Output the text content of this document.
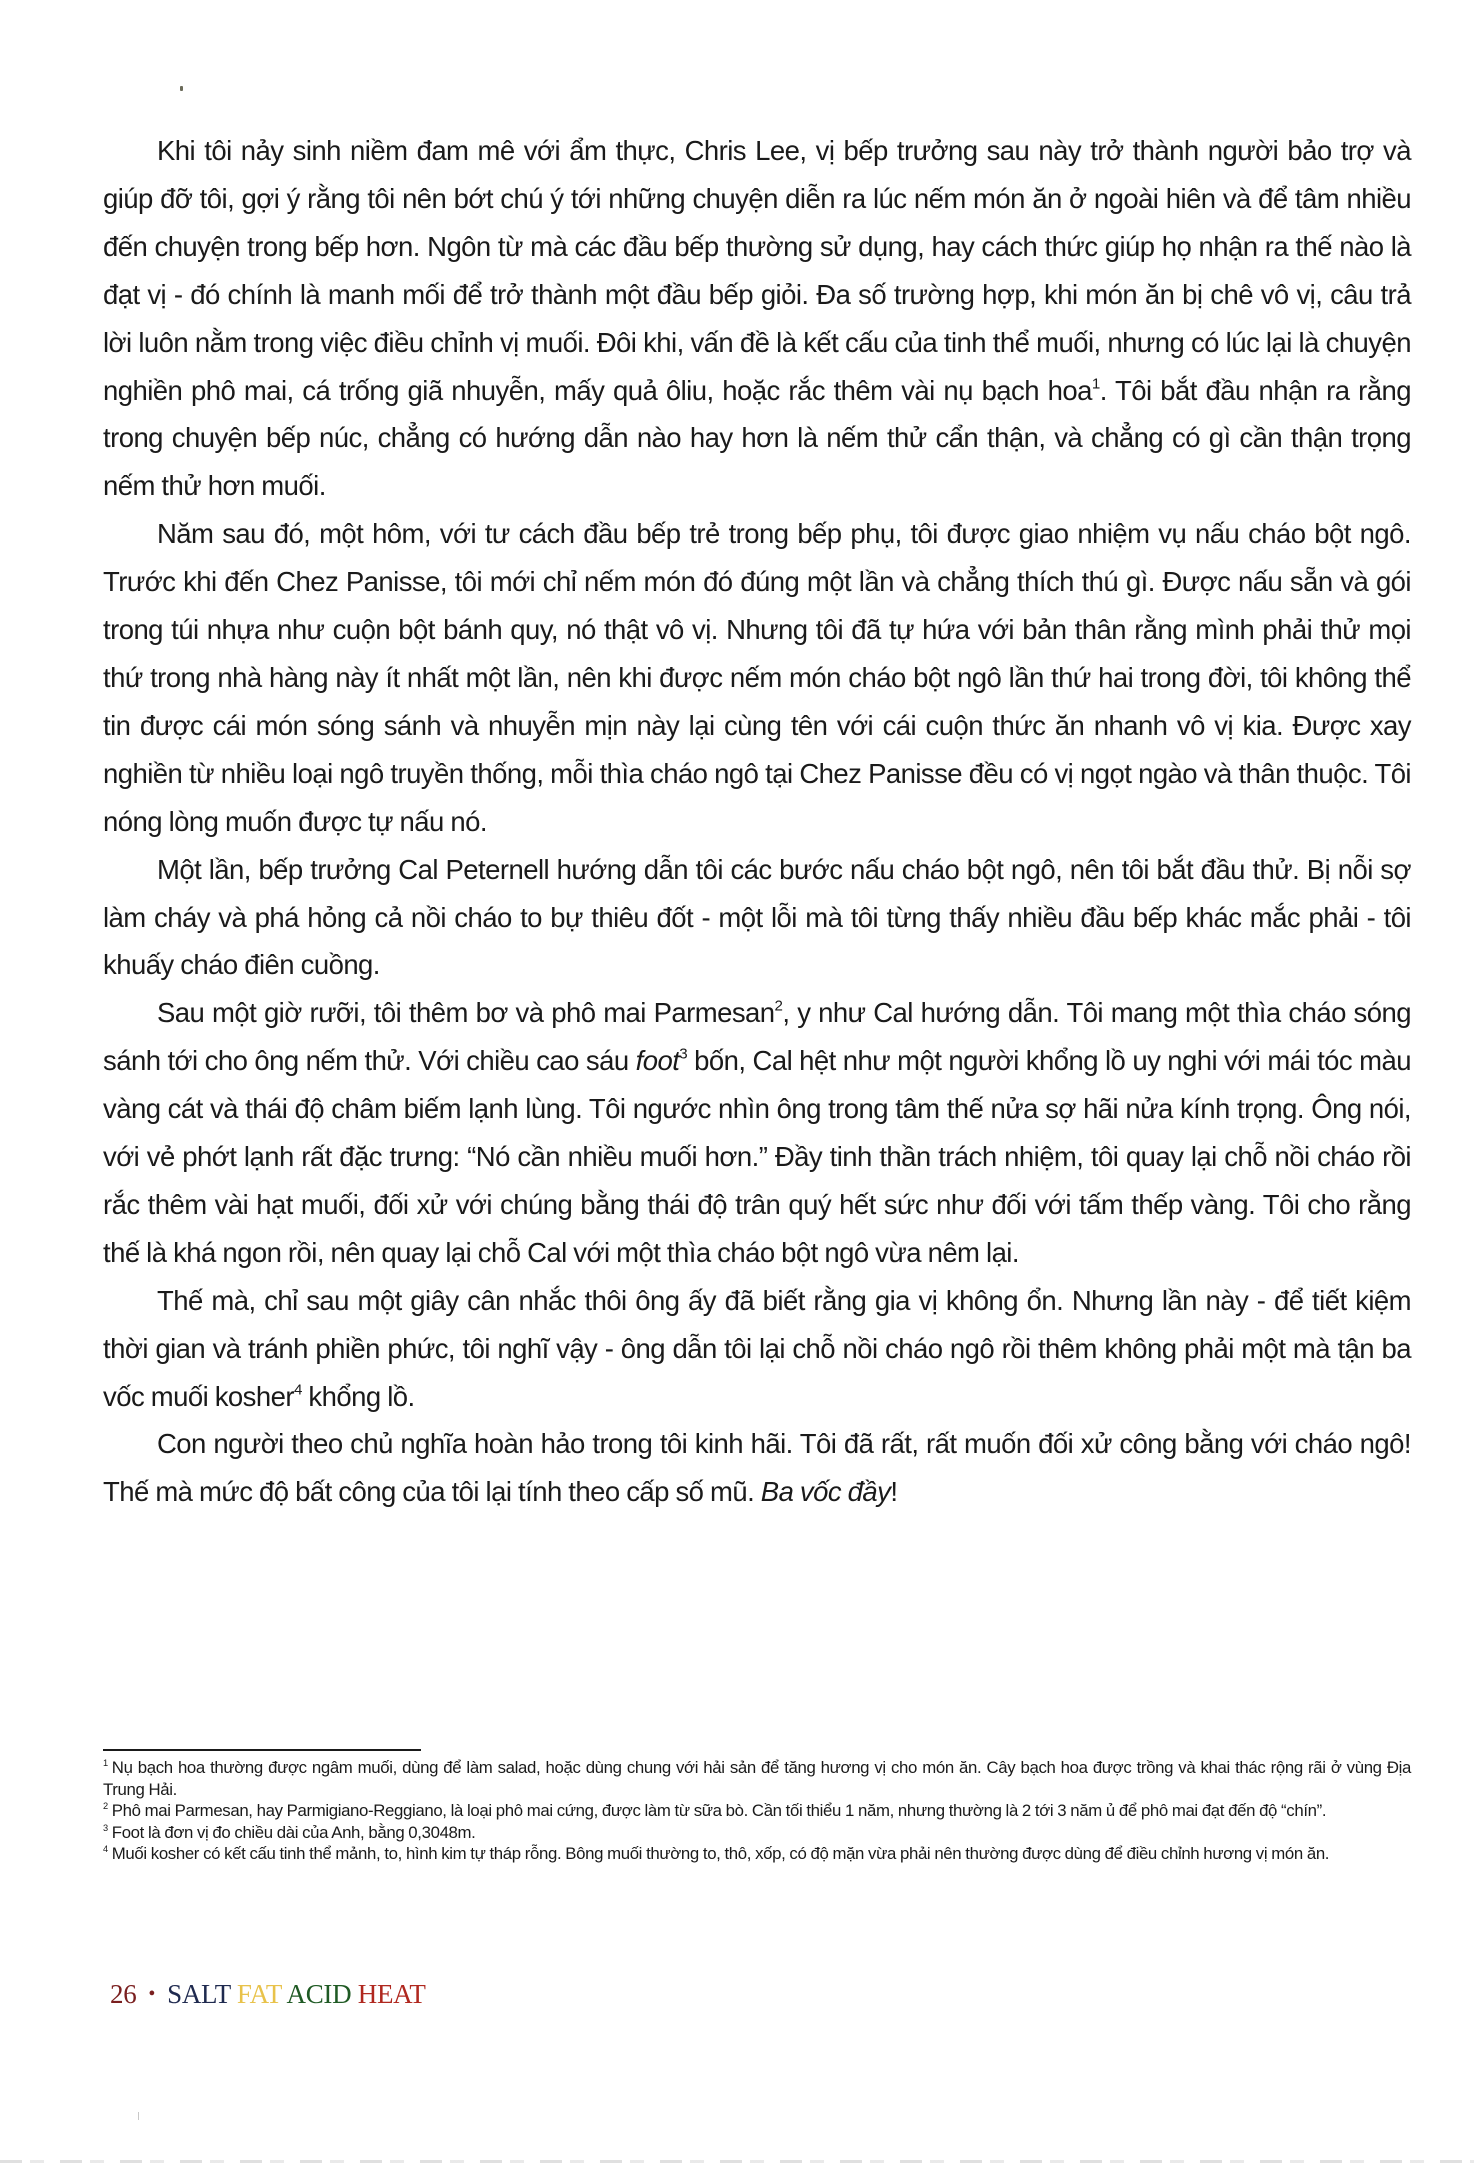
Khi tôi nảy sinh niềm đam mê với ẩm thực, Chris Lee, vị bếp trưởng sau này trở thành người bảo trợ và giúp đỡ tôi, gợi ý rằng tôi nên bớt chú ý tới những chuyện diễn ra lúc nếm món ăn ở ngoài hiên và để tâm nhiều đến chuyện trong bếp hơn. Ngôn từ mà các đầu bếp thường sử dụng, hay cách thức giúp họ nhận ra thế nào là đạt vị - đó chính là manh mối để trở thành một đầu bếp giỏi. Đa số trường hợp, khi món ăn bị chê vô vị, câu trả lời luôn nằm trong việc điều chỉnh vị muối. Đôi khi, vấn đề là kết cấu của tinh thể muối, nhưng có lúc lại là chuyện nghiền phô mai, cá trống giã nhuyễn, mấy quả ôliu, hoặc rắc thêm vài nụ bạch hoa$^1$. Tôi bắt đầu nhận ra rằng trong chuyện bếp núc, chẳng có hướng dẫn nào hay hơn là nếm thử cẩn thận, và chẳng có gì cần thận trọng nếm thử hơn muối.

Năm sau đó, một hôm, với tư cách đầu bếp trẻ trong bếp phụ, tôi được giao nhiệm vụ nấu cháo bột ngô. Trước khi đến Chez Panisse, tôi mới chỉ nếm món đó đúng một lần và chẳng thích thú gì. Được nấu sẵn và gói trong túi nhựa như cuộn bột bánh quy, nó thật vô vị. Nhưng tôi đã tự hứa với bản thân rằng mình phải thử mọi thứ trong nhà hàng này ít nhất một lần, nên khi được nếm món cháo bột ngô lần thứ hai trong đời, tôi không thể tin được cái món sóng sánh và nhuyễn mịn này lại cùng tên với cái cuộn thức ăn nhanh vô vị kia. Được xay nghiền từ nhiều loại ngô truyền thống, mỗi thìa cháo ngô tại Chez Panisse đều có vị ngọt ngào và thân thuộc. Tôi nóng lòng muốn được tự nấu nó.

Một lần, bếp trưởng Cal Peternell hướng dẫn tôi các bước nấu cháo bột ngô, nên tôi bắt đầu thử. Bị nỗi sợ làm cháy và phá hỏng cả nồi cháo to bự thiêu đốt - một lỗi mà tôi từng thấy nhiều đầu bếp khác mắc phải - tôi khuấy cháo điên cuồng.

Sau một giờ rưỡi, tôi thêm bơ và phô mai Parmesan$^2$, y như Cal hướng dẫn. Tôi mang một thìa cháo sóng sánh tới cho ông nếm thử. Với chiều cao sáu foot$^3$ bốn, Cal hệt như một người khổng lồ uy nghi với mái tóc màu vàng cát và thái độ châm biếm lạnh lùng. Tôi ngước nhìn ông trong tâm thế nửa sợ hãi nửa kính trọng. Ông nói, với vẻ phớt lạnh rất đặc trưng: “Nó cần nhiều muối hơn.” Đầy tinh thần trách nhiệm, tôi quay lại chỗ nồi cháo rồi rắc thêm vài hạt muối, đối xử với chúng bằng thái độ trân quý hết sức như đối với tấm thếp vàng. Tôi cho rằng thế là khá ngon rồi, nên quay lại chỗ Cal với một thìa cháo bột ngô vừa nêm lại.

Thế mà, chỉ sau một giây cân nhắc thôi ông ấy đã biết rằng gia vị không ổn. Nhưng lần này - để tiết kiệm thời gian và tránh phiền phức, tôi nghĩ vậy - ông dẫn tôi lại chỗ nồi cháo ngô rồi thêm không phải một mà tận ba vốc muối kosher$^4$ khổng lồ.

Con người theo chủ nghĩa hoàn hảo trong tôi kinh hãi. Tôi đã rất, rất muốn đối xử công bằng với cháo ngô! Thế mà mức độ bất công của tôi lại tính theo cấp số mũ. Ba vốc đầy!

$^1$ Nụ bạch hoa thường được ngâm muối, dùng để làm salad, hoặc dùng chung với hải sản để tăng hương vị cho món ăn. Cây bạch hoa được trồng và khai thác rộng rãi ở vùng Địa Trung Hải.

$^2$ Phô mai Parmesan, hay Parmigiano-Reggiano, là loại phô mai cứng, được làm từ sữa bò. Cần tối thiểu 1 năm, nhưng thường là 2 tới 3 năm ủ để phô mai đạt đến độ “chín”.

$^3$ Foot là đơn vị đo chiều dài của Anh, bằng 0,3048m.

$^4$ Muối kosher có kết cấu tinh thể mảnh, to, hình kim tự tháp rỗng. Bông muối thường to, thô, xốp, có độ mặn vừa phải nên thường được dùng để điều chỉnh hương vị món ăn.

26 • SALT FAT ACID HEAT
